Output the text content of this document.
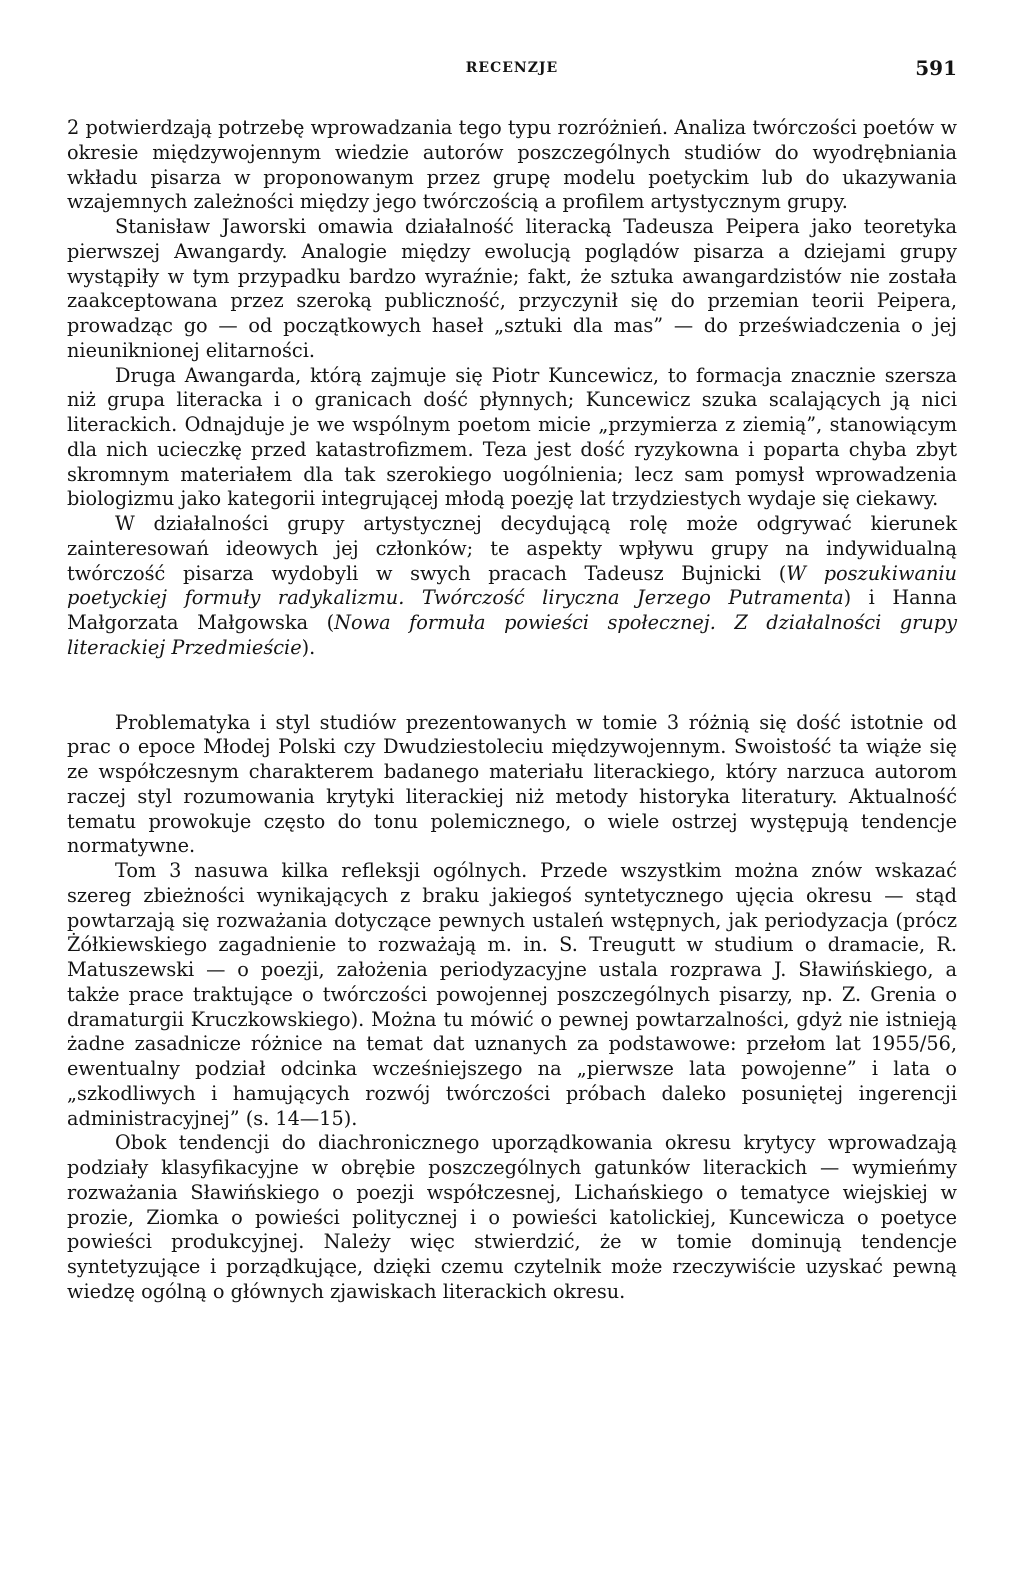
RECENZJE	591

2 potwierdzają potrzebę wprowadzania tego typu rozróżnień. Analiza twórczości poetów w okresie międzywojennym wiedzie autorów poszczególnych studiów do wyodrębniania wkładu pisarza w proponowanym przez grupę modelu poetyckim lub do ukazywania wzajemnych zależności między jego twórczością a profilem artystycznym grupy.

Stanisław Jaworski omawia działalność literacką Tadeusza Peipera jako teoretyka pierwszej Awangardy. Analogie między ewolucją poglądów pisarza a dziejami grupy wystąpiły w tym przypadku bardzo wyraźnie; fakt, że sztuka awangardzistów nie została zaakceptowana przez szeroką publiczność, przyczynił się do przemian teorii Peipera, prowadząc go — od początkowych haseł „sztuki dla mas” — do przeświadczenia o jej nieuniknionej elitarności.

Druga Awangarda, którą zajmuje się Piotr Kuncewicz, to formacja znacznie szersza niż grupa literacka i o granicach dość płynnych; Kuncewicz szuka scalających ją nici literackich. Odnajduje je we wspólnym poetom micie „przymierza z ziemią”, stanowiącym dla nich ucieczkę przed katastrofizmem. Teza jest dość ryzykowna i poparta chyba zbyt skromnym materiałem dla tak szerokiego uogólnienia; lecz sam pomysł wprowadzenia biologizmu jako kategorii integrującej młodą poezję lat trzydziestych wydaje się ciekawy.

W działalności grupy artystycznej decydującą rolę może odgrywać kierunek zainteresowań ideowych jej członków; te aspekty wpływu grupy na indywidualną twórczość pisarza wydobyli w swych pracach Tadeusz Bujnicki (W poszukiwaniu poetyckiej formuły radykalizmu. Twórczość liryczna Jerzego Putramenta) i Hanna Małgorzata Małgowska (Nowa formuła powieści społecznej. Z działalności grupy literackiej Przedmieście).

Problematyka i styl studiów prezentowanych w tomie 3 różnią się dość istotnie od prac o epoce Młodej Polski czy Dwudziestoleciu międzywojennym. Swoistość ta wiąże się ze współczesnym charakterem badanego materiału literackiego, który narzuca autorom raczej styl rozumowania krytyki literackiej niż metody historyka literatury. Aktualność tematu prowokuje często do tonu polemicznego, o wiele ostrzej występują tendencje normatywne.

Tom 3 nasuwa kilka refleksji ogólnych. Przede wszystkim można znów wskazać szereg zbieżności wynikających z braku jakiegoś syntetycznego ujęcia okresu — stąd powtarzają się rozważania dotyczące pewnych ustaleń wstępnych, jak periodyzacja (prócz Żółkiewskiego zagadnienie to rozważają m. in. S. Treugutt w studium o dramacie, R. Matuszewski — o poezji, założenia periodyzacyjne ustala rozprawa J. Sławińskiego, a także prace traktujące o twórczości powojennej poszczególnych pisarzy, np. Z. Grenia o dramaturgii Kruczkowskiego). Można tu mówić o pewnej powtarzalności, gdyż nie istnieją żadne zasadnicze różnice na temat dat uznanych za podstawowe: przełom lat 1955/56, ewentualny podział odcinka wcześniejszego na „pierwsze lata powojenne” i lata o „szkodliwych i hamujących rozwój twórczości próbach daleko posuniętej ingerencji administracyjnej” (s. 14—15).

Obok tendencji do diachronicznego uporządkowania okresu krytycy wprowadzają podziały klasyfikacyjne w obrębie poszczególnych gatunków literackich — wymieńmy rozważania Sławińskiego o poezji współczesnej, Lichańskiego o tematyce wiejskiej w prozie, Ziomka o powieści politycznej i o powieści katolickiej, Kuncewicza o poetyce powieści produkcyjnej. Należy więc stwierdzić, że w tomie dominują tendencje syntetyzujące i porządkujące, dzięki czemu czytelnik może rzeczywiście uzyskać pewną wiedzę ogólną o głównych zjawiskach literackich okresu.
